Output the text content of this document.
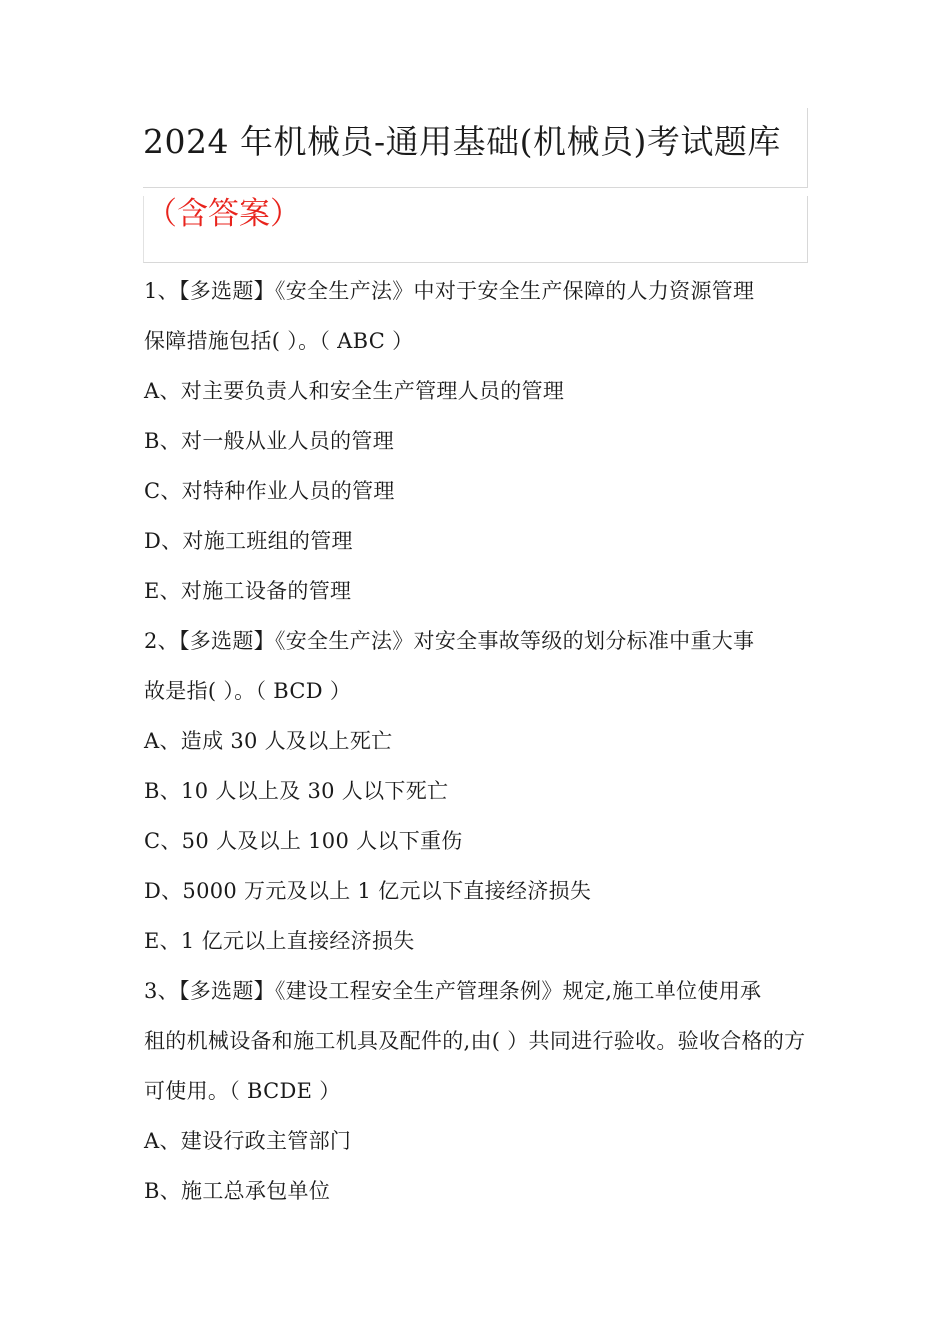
2024 年机械员-通用基础(机械员)考试题库
（含答案）
1、【多选题】《安全生产法》中对于安全生产保障的人力资源管理
保障措施包括( ）。（ ABC ）
A、对主要负责人和安全生产管理人员的管理
B、对一般从业人员的管理
C、对特种作业人员的管理
D、对施工班组的管理
E、对施工设备的管理
2、【多选题】《安全生产法》对安全事故等级的划分标准中重大事
故是指( ）。（ BCD ）
A、造成 30 人及以上死亡
B、10 人以上及 30 人以下死亡
C、50 人及以上 100 人以下重伤
D、5000 万元及以上 1 亿元以下直接经济损失
E、1 亿元以上直接经济损失
3、【多选题】《建设工程安全生产管理条例》规定,施工单位使用承
租的机械设备和施工机具及配件的,由( ）共同进行验收。验收合格的方
可使用。（ BCDE ）
A、建设行政主管部门
B、施工总承包单位
